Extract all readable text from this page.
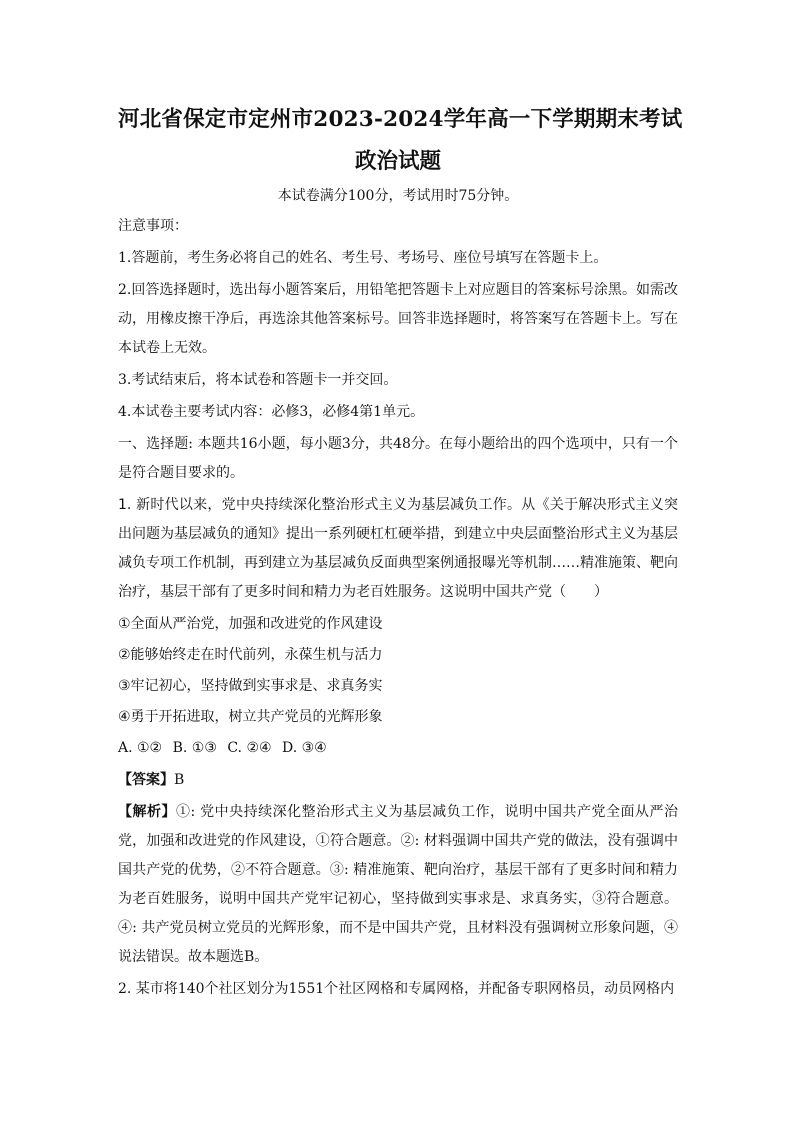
河北省保定市定州市2023-2024学年高一下学期期末考试
政治试题

本试卷满分100分，考试用时75分钟。

注意事项：

1.答题前，考生务必将自己的姓名、考生号、考场号、座位号填写在答题卡上。

2.回答选择题时，选出每小题答案后，用铅笔把答题卡上对应题目的答案标号涂黑。如需改动，用橡皮擦干净后，再选涂其他答案标号。回答非选择题时，将答案写在答题卡上。写在本试卷上无效。

3.考试结束后，将本试卷和答题卡一并交回。

4.本试卷主要考试内容：必修3，必修4第1单元。

一、选择题: 本题共16小题，每小题3分，共48分。在每小题给出的四个选项中，只有一个是符合题目要求的。

1. 新时代以来，党中央持续深化整治形式主义为基层减负工作。从《关于解决形式主义突出问题为基层减负的通知》提出一系列硬杠杠硬举措，到建立中央层面整治形式主义为基层减负专项工作机制，再到建立为基层减负反面典型案例通报曝光等机制……精准施策、靶向治疗，基层干部有了更多时间和精力为老百姓服务。这说明中国共产党（　　）

①全面从严治党，加强和改进党的作风建设

②能够始终走在时代前列，永葆生机与活力

③牢记初心，坚持做到实事求是、求真务实

④勇于开拓进取，树立共产党员的光辉形象

A. ①② B. ①③ C. ②④ D. ③④

【答案】B

【解析】①: 党中央持续深化整治形式主义为基层减负工作，说明中国共产党全面从严治党，加强和改进党的作风建设，①符合题意。②: 材料强调中国共产党的做法，没有强调中国共产党的优势，②不符合题意。③: 精准施策、靶向治疗，基层干部有了更多时间和精力为老百姓服务，说明中国共产党牢记初心，坚持做到实事求是、求真务实，③符合题意。④: 共产党员树立党员的光辉形象，而不是中国共产党，且材料没有强调树立形象问题，④说法错误。故本题选B。

2. 某市将140个社区划分为1551个社区网格和专属网格，并配备专职网格员，动员网格内
